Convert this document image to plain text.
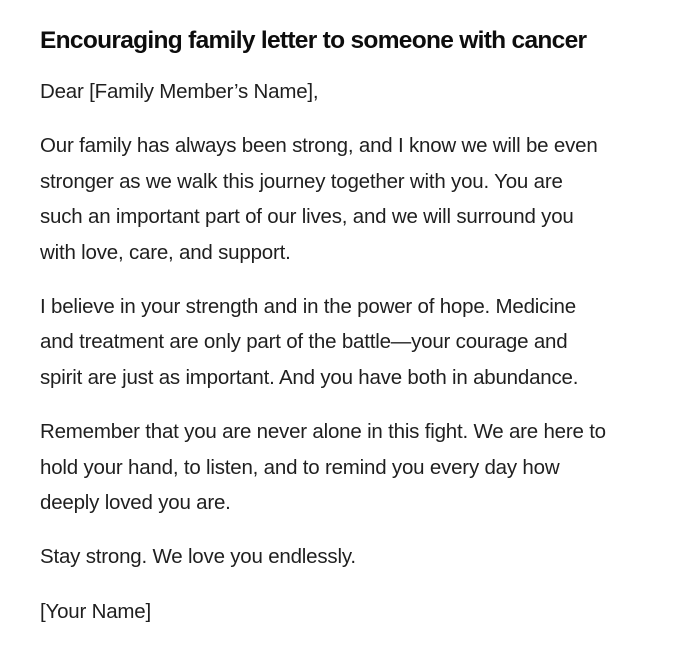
Encouraging family letter to someone with cancer

Dear [Family Member’s Name],

Our family has always been strong, and I know we will be even
stronger as we walk this journey together with you. You are
such an important part of our lives, and we will surround you
with love, care, and support.

I believe in your strength and in the power of hope. Medicine
and treatment are only part of the battle—your courage and
spirit are just as important. And you have both in abundance.

Remember that you are never alone in this fight. We are here to
hold your hand, to listen, and to remind you every day how
deeply loved you are.

Stay strong. We love you endlessly.

[Your Name]
